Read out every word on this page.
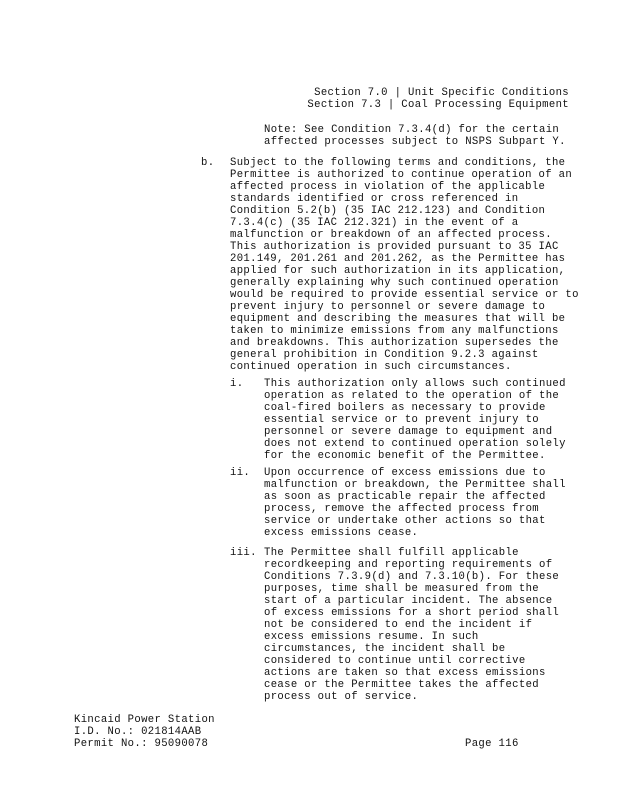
Section 7.0 | Unit Specific Conditions

Section 7.3 | Coal Processing Equipment

Note: See Condition 7.3.4(d) for the certain

affected processes subject to NSPS Subpart Y.

b. Subject to the following terms and conditions, the

Permittee is authorized to continue operation of an

affected process in violation of the applicable

standards identified or cross referenced in

Condition 5.2(b) (35 IAC 212.123) and Condition

7.3.4(c) (35 IAC 212.321) in the event of a

malfunction or breakdown of an affected process.

This authorization is provided pursuant to 35 IAC

201.149, 201.261 and 201.262, as the Permittee has

applied for such authorization in its application,

generally explaining why such continued operation

would be required to provide essential service or to

prevent injury to personnel or severe damage to

equipment and describing the measures that will be

taken to minimize emissions from any malfunctions

and breakdowns. This authorization supersedes the

general prohibition in Condition 9.2.3 against

continued operation in such circumstances.

i. This authorization only allows such continued

operation as related to the operation of the

coal-fired boilers as necessary to provide

essential service or to prevent injury to

personnel or severe damage to equipment and

does not extend to continued operation solely

for the economic benefit of the Permittee.

ii. Upon occurrence of excess emissions due to

malfunction or breakdown, the Permittee shall

as soon as practicable repair the affected

process, remove the affected process from

service or undertake other actions so that

excess emissions cease.

iii. The Permittee shall fulfill applicable

recordkeeping and reporting requirements of

Conditions 7.3.9(d) and 7.3.10(b). For these

purposes, time shall be measured from the

start of a particular incident. The absence

of excess emissions for a short period shall

not be considered to end the incident if

excess emissions resume. In such

circumstances, the incident shall be

considered to continue until corrective

actions are taken so that excess emissions

cease or the Permittee takes the affected

process out of service.

Kincaid Power Station

I.D. No.: 021814AAB

Permit No.: 95090078	Page 116
